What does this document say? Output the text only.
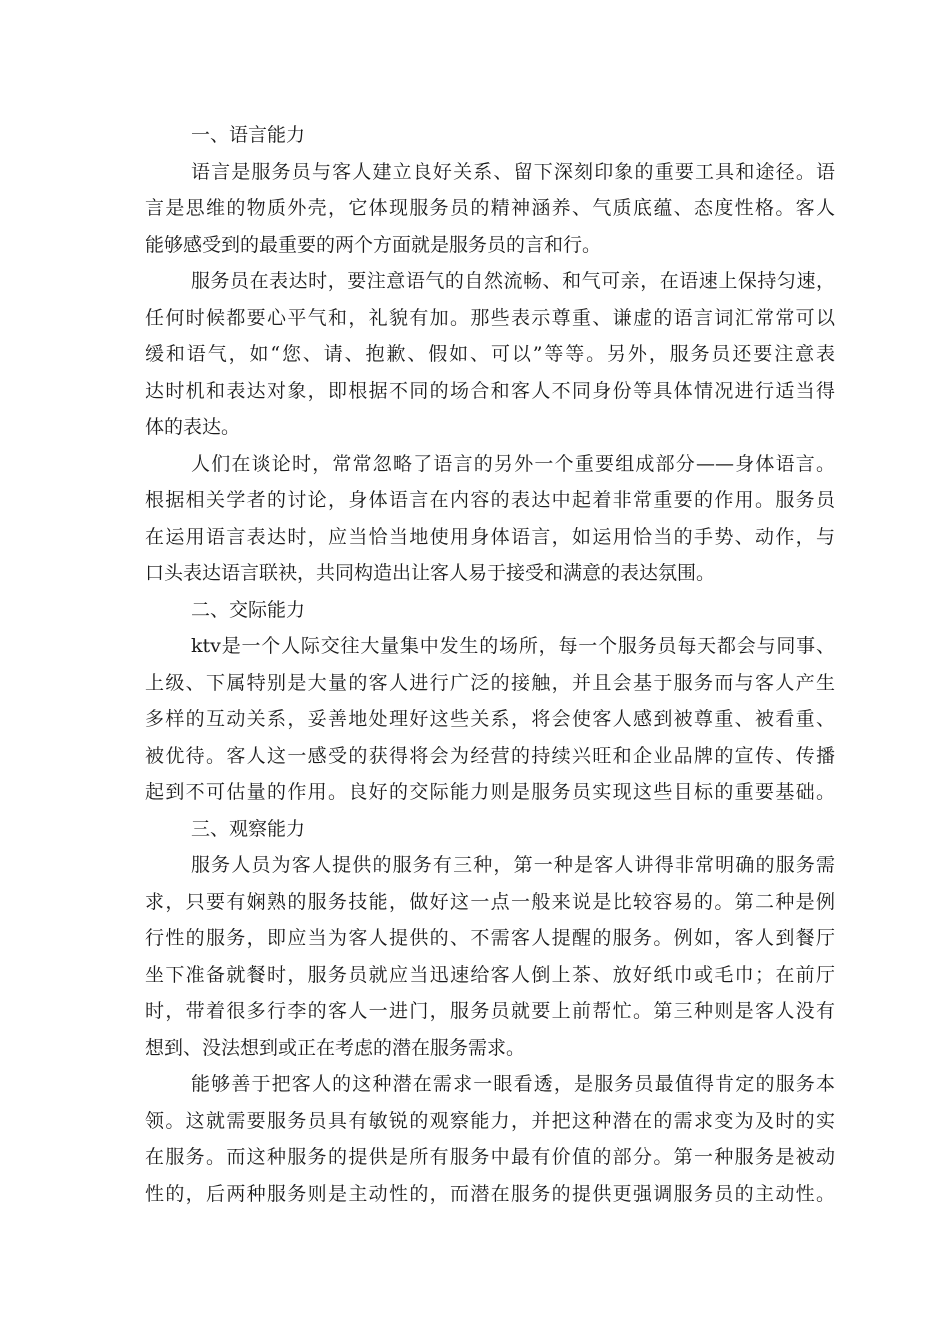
一、语言能力
语言是服务员与客人建立良好关系、留下深刻印象的重要工具和途径。语
言是思维的物质外壳，它体现服务员的精神涵养、气质底蕴、态度性格。客人
能够感受到的最重要的两个方面就是服务员的言和行。
服务员在表达时，要注意语气的自然流畅、和气可亲，在语速上保持匀速，
任何时候都要心平气和，礼貌有加。那些表示尊重、谦虚的语言词汇常常可以
缓和语气，如“您、请、抱歉、假如、可以”等等。另外，服务员还要注意表
达时机和表达对象，即根据不同的场合和客人不同身份等具体情况进行适当得
体的表达。
人们在谈论时，常常忽略了语言的另外一个重要组成部分——身体语言。
根据相关学者的讨论，身体语言在内容的表达中起着非常重要的作用。服务员
在运用语言表达时，应当恰当地使用身体语言，如运用恰当的手势、动作，与
口头表达语言联袂，共同构造出让客人易于接受和满意的表达氛围。
二、交际能力
ktv是一个人际交往大量集中发生的场所，每一个服务员每天都会与同事、
上级、下属特别是大量的客人进行广泛的接触，并且会基于服务而与客人产生
多样的互动关系，妥善地处理好这些关系，将会使客人感到被尊重、被看重、
被优待。客人这一感受的获得将会为经营的持续兴旺和企业品牌的宣传、传播
起到不可估量的作用。良好的交际能力则是服务员实现这些目标的重要基础。
三、观察能力
服务人员为客人提供的服务有三种，第一种是客人讲得非常明确的服务需
求，只要有娴熟的服务技能，做好这一点一般来说是比较容易的。第二种是例
行性的服务，即应当为客人提供的、不需客人提醒的服务。例如，客人到餐厅
坐下准备就餐时，服务员就应当迅速给客人倒上茶、放好纸巾或毛巾；在前厅
时，带着很多行李的客人一进门，服务员就要上前帮忙。第三种则是客人没有
想到、没法想到或正在考虑的潜在服务需求。
能够善于把客人的这种潜在需求一眼看透，是服务员最值得肯定的服务本
领。这就需要服务员具有敏锐的观察能力，并把这种潜在的需求变为及时的实
在服务。而这种服务的提供是所有服务中最有价值的部分。第一种服务是被动
性的，后两种服务则是主动性的，而潜在服务的提供更强调服务员的主动性。
